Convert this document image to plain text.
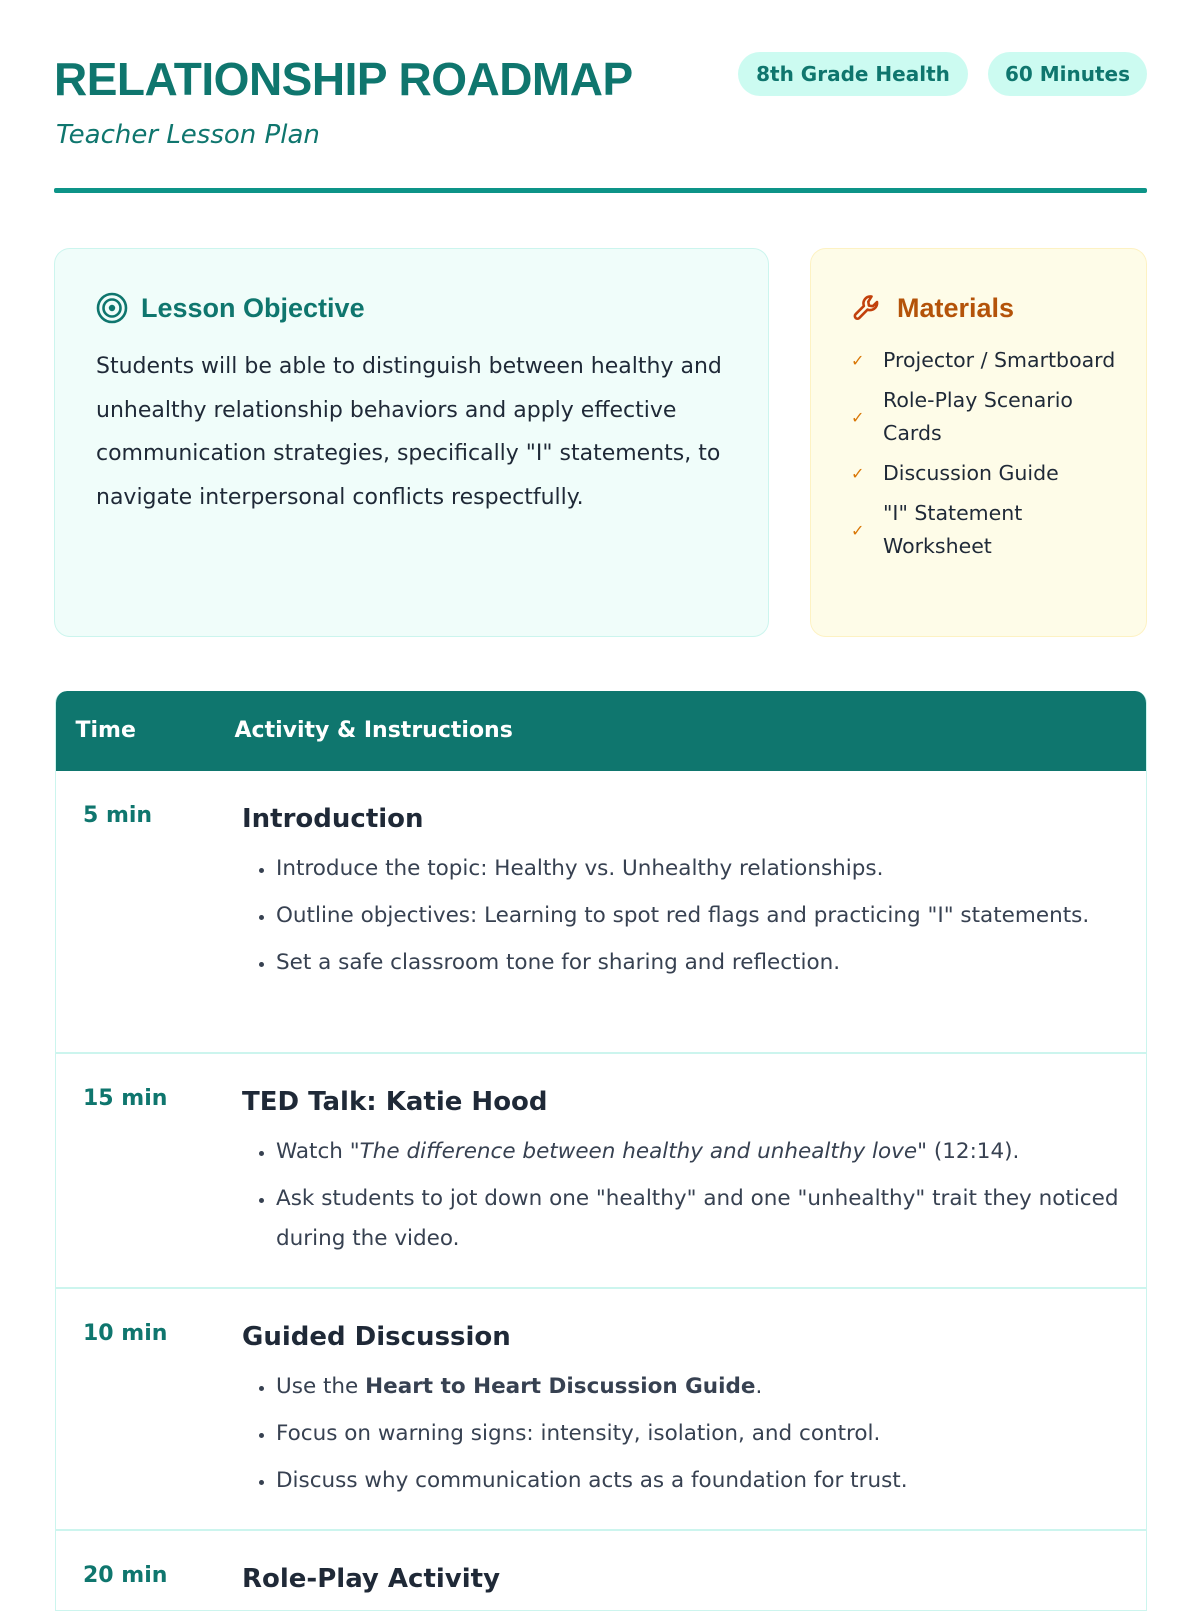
RELATIONSHIP ROADMAP

Teacher Lesson Plan

8th Grade Health	60 Minutes
Lesson Objective

Students will be able to distinguish between healthy and unhealthy relationship behaviors and apply effective communication strategies, specifically "I" statements, to navigate interpersonal conflicts respectfully.

Materials
✓ Projector / Smartboard
✓
Role-Play Scenario Cards
✓ Discussion Guide
✓
"I" Statement Worksheet
Time	Activity & Instructions
5 min	Introduction
• Introduce the topic: Healthy vs. Unhealthy relationships.
• Outline objectives: Learning to spot red flags and practicing "I" statements.
• Set a safe classroom tone for sharing and reflection.
15 min	TED Talk: Katie Hood
• Watch "The difference between healthy and unhealthy love" (12:14).
• Ask students to jot down one "healthy" and one "unhealthy" trait they noticed during the video.
10 min	Guided Discussion
• Use the Heart to Heart Discussion Guide.
• Focus on warning signs: intensity, isolation, and control.
• Discuss why communication acts as a foundation for trust.
20 min	Role-Play Activity
